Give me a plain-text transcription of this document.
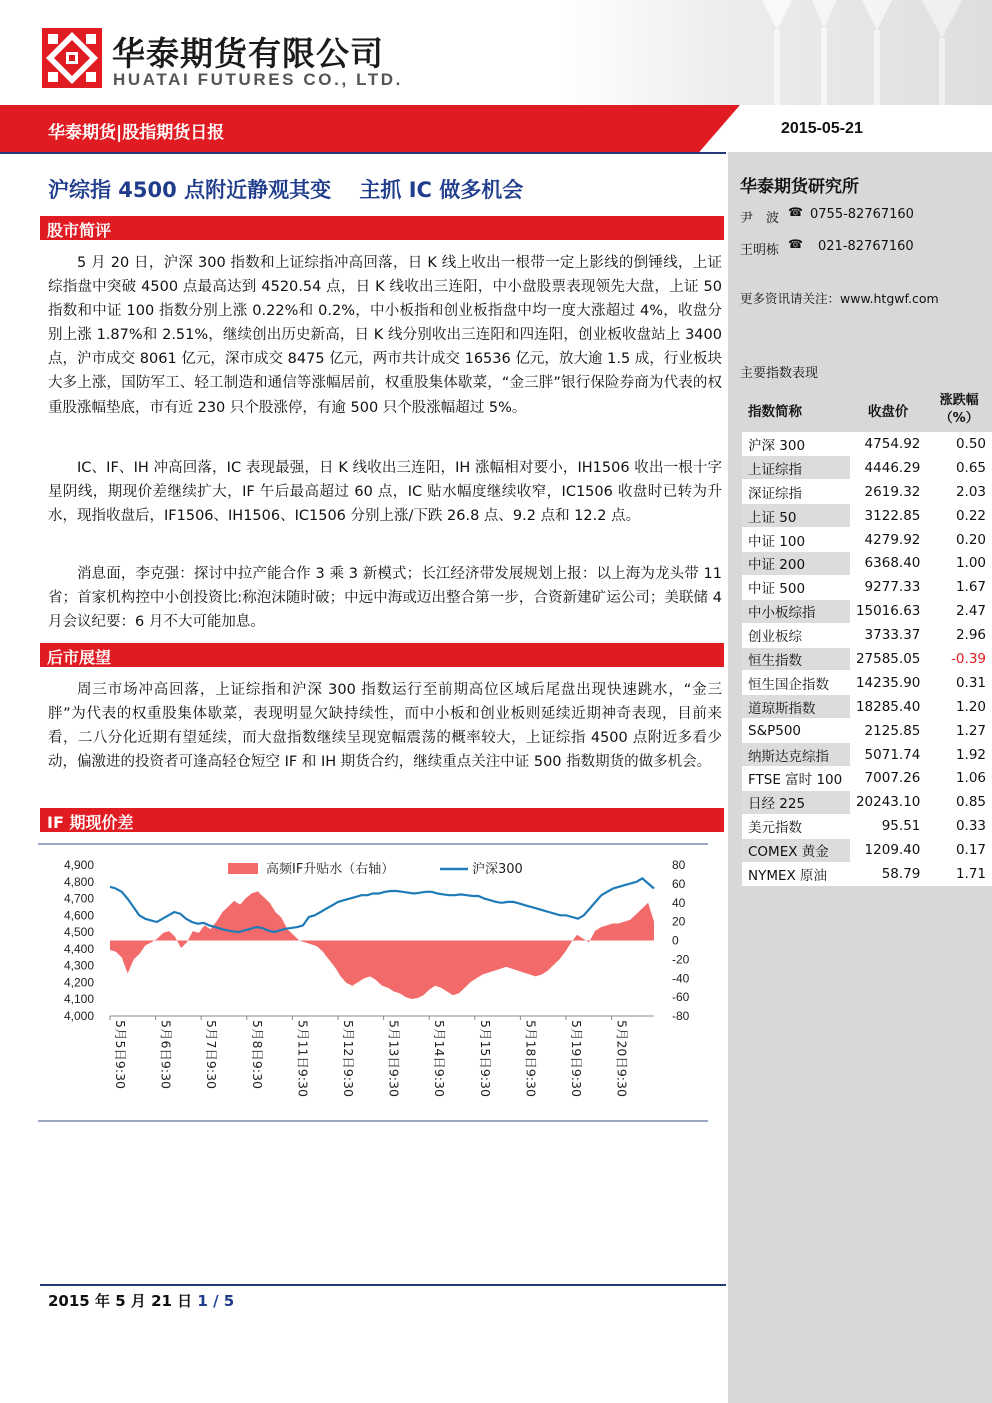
华泰期货有限公司
HUATAI FUTURES CO., LTD.
华泰期货|股指期货日报	2015-05-21
华泰期货研究所
尹　波 ☎ 0755-82767160
王明栋 ☎ 021-82767160
更多资讯请关注：www.htgwf.com
主要指数表现
指数简称	收盘价	涨跌幅（%）
沪深 300	4754.92	0.50
上证综指	4446.29	0.65
深证综指	2619.32	2.03
上证 50	3122.85	0.22
中证 100	4279.92	0.20
中证 200	6368.40	1.00
中证 500	9277.33	1.67
中小板综指	15016.63	2.47
创业板综	3733.37	2.96
恒生指数	27585.05	-0.39
恒生国企指数	14235.90	0.31
道琼斯指数	18285.40	1.20
S&P500	2125.85	1.27
纳斯达克综指	5071.74	1.92
FTSE 富时 100	7007.26	1.06
日经 225	20243.10	0.85
美元指数	95.51	0.33
COMEX 黄金	1209.40	0.17
NYMEX 原油	58.79	1.71
沪综指 4500 点附近静观其变　 主抓 IC 做多机会
股市简评
5 月 20 日，沪深 300 指数和上证综指冲高回落，日 K 线上收出一根带一定上影线的倒锤线，上证综指盘中突破 4500 点最高达到 4520.54 点，日 K 线收出三连阳，中小盘股票表现领先大盘，上证 50 指数和中证 100 指数分别上涨 0.22%和 0.2%，中小板指和创业板指盘中均一度大涨超过 4%，收盘分别上涨 1.87%和 2.51%，继续创出历史新高，日 K 线分别收出三连阳和四连阳，创业板收盘站上 3400 点，沪市成交 8061 亿元，深市成交 8475 亿元，两市共计成交 16536 亿元，放大逾 1.5 成，行业板块大多上涨，国防军工、轻工制造和通信等涨幅居前，权重股集体歇菜，“金三胖”银行保险券商为代表的权重股涨幅垫底，市有近 230 只个股涨停，有逾 500 只个股涨幅超过 5%。
IC、IF、IH 冲高回落，IC 表现最强，日 K 线收出三连阳，IH 涨幅相对要小，IH1506 收出一根十字星阴线，期现价差继续扩大，IF 午后最高超过 60 点，IC 贴水幅度继续收窄，IC1506 收盘时已转为升水，现指收盘后，IF1506、IH1506、IC1506 分别上涨/下跌 26.8 点、9.2 点和 12.2 点。
消息面，李克强：探讨中拉产能合作 3 乘 3 新模式；长江经济带发展规划上报：以上海为龙头带 11 省；首家机构控中小创投资比:称泡沫随时破；中远中海或迈出整合第一步，合资新建矿运公司；美联储 4 月会议纪要：6 月不大可能加息。
后市展望
周三市场冲高回落，上证综指和沪深 300 指数运行至前期高位区域后尾盘出现快速跳水，“金三胖”为代表的权重股集体歇菜，表现明显欠缺持续性，而中小板和创业板则延续近期神奇表现，目前来看，二八分化近期有望延续，而大盘指数继续呈现宽幅震荡的概率较大，上证综指 4500 点附近多看少动，偏激进的投资者可逢高轻仓短空 IF 和 IH 期货合约，继续重点关注中证 500 指数期货的做多机会。
IF 期现价差
4,000
4,100
4,200
4,300
4,400
4,500
4,600
4,700
4,800
4,900
-80
-60
-40
-20
0
20
40
60
80
5月5日9:30 5月6日9:30 5月7日9:30 5月8日9:30 5月11日9:30 5月12日9:30 5月13日9:30 5月14日9:30 5月15日9:30 5月18日9:30 5月19日9:30 5月20日9:30
高频IF升贴水（右轴）	沪深300
2015 年 5 月 21 日 1 / 5
